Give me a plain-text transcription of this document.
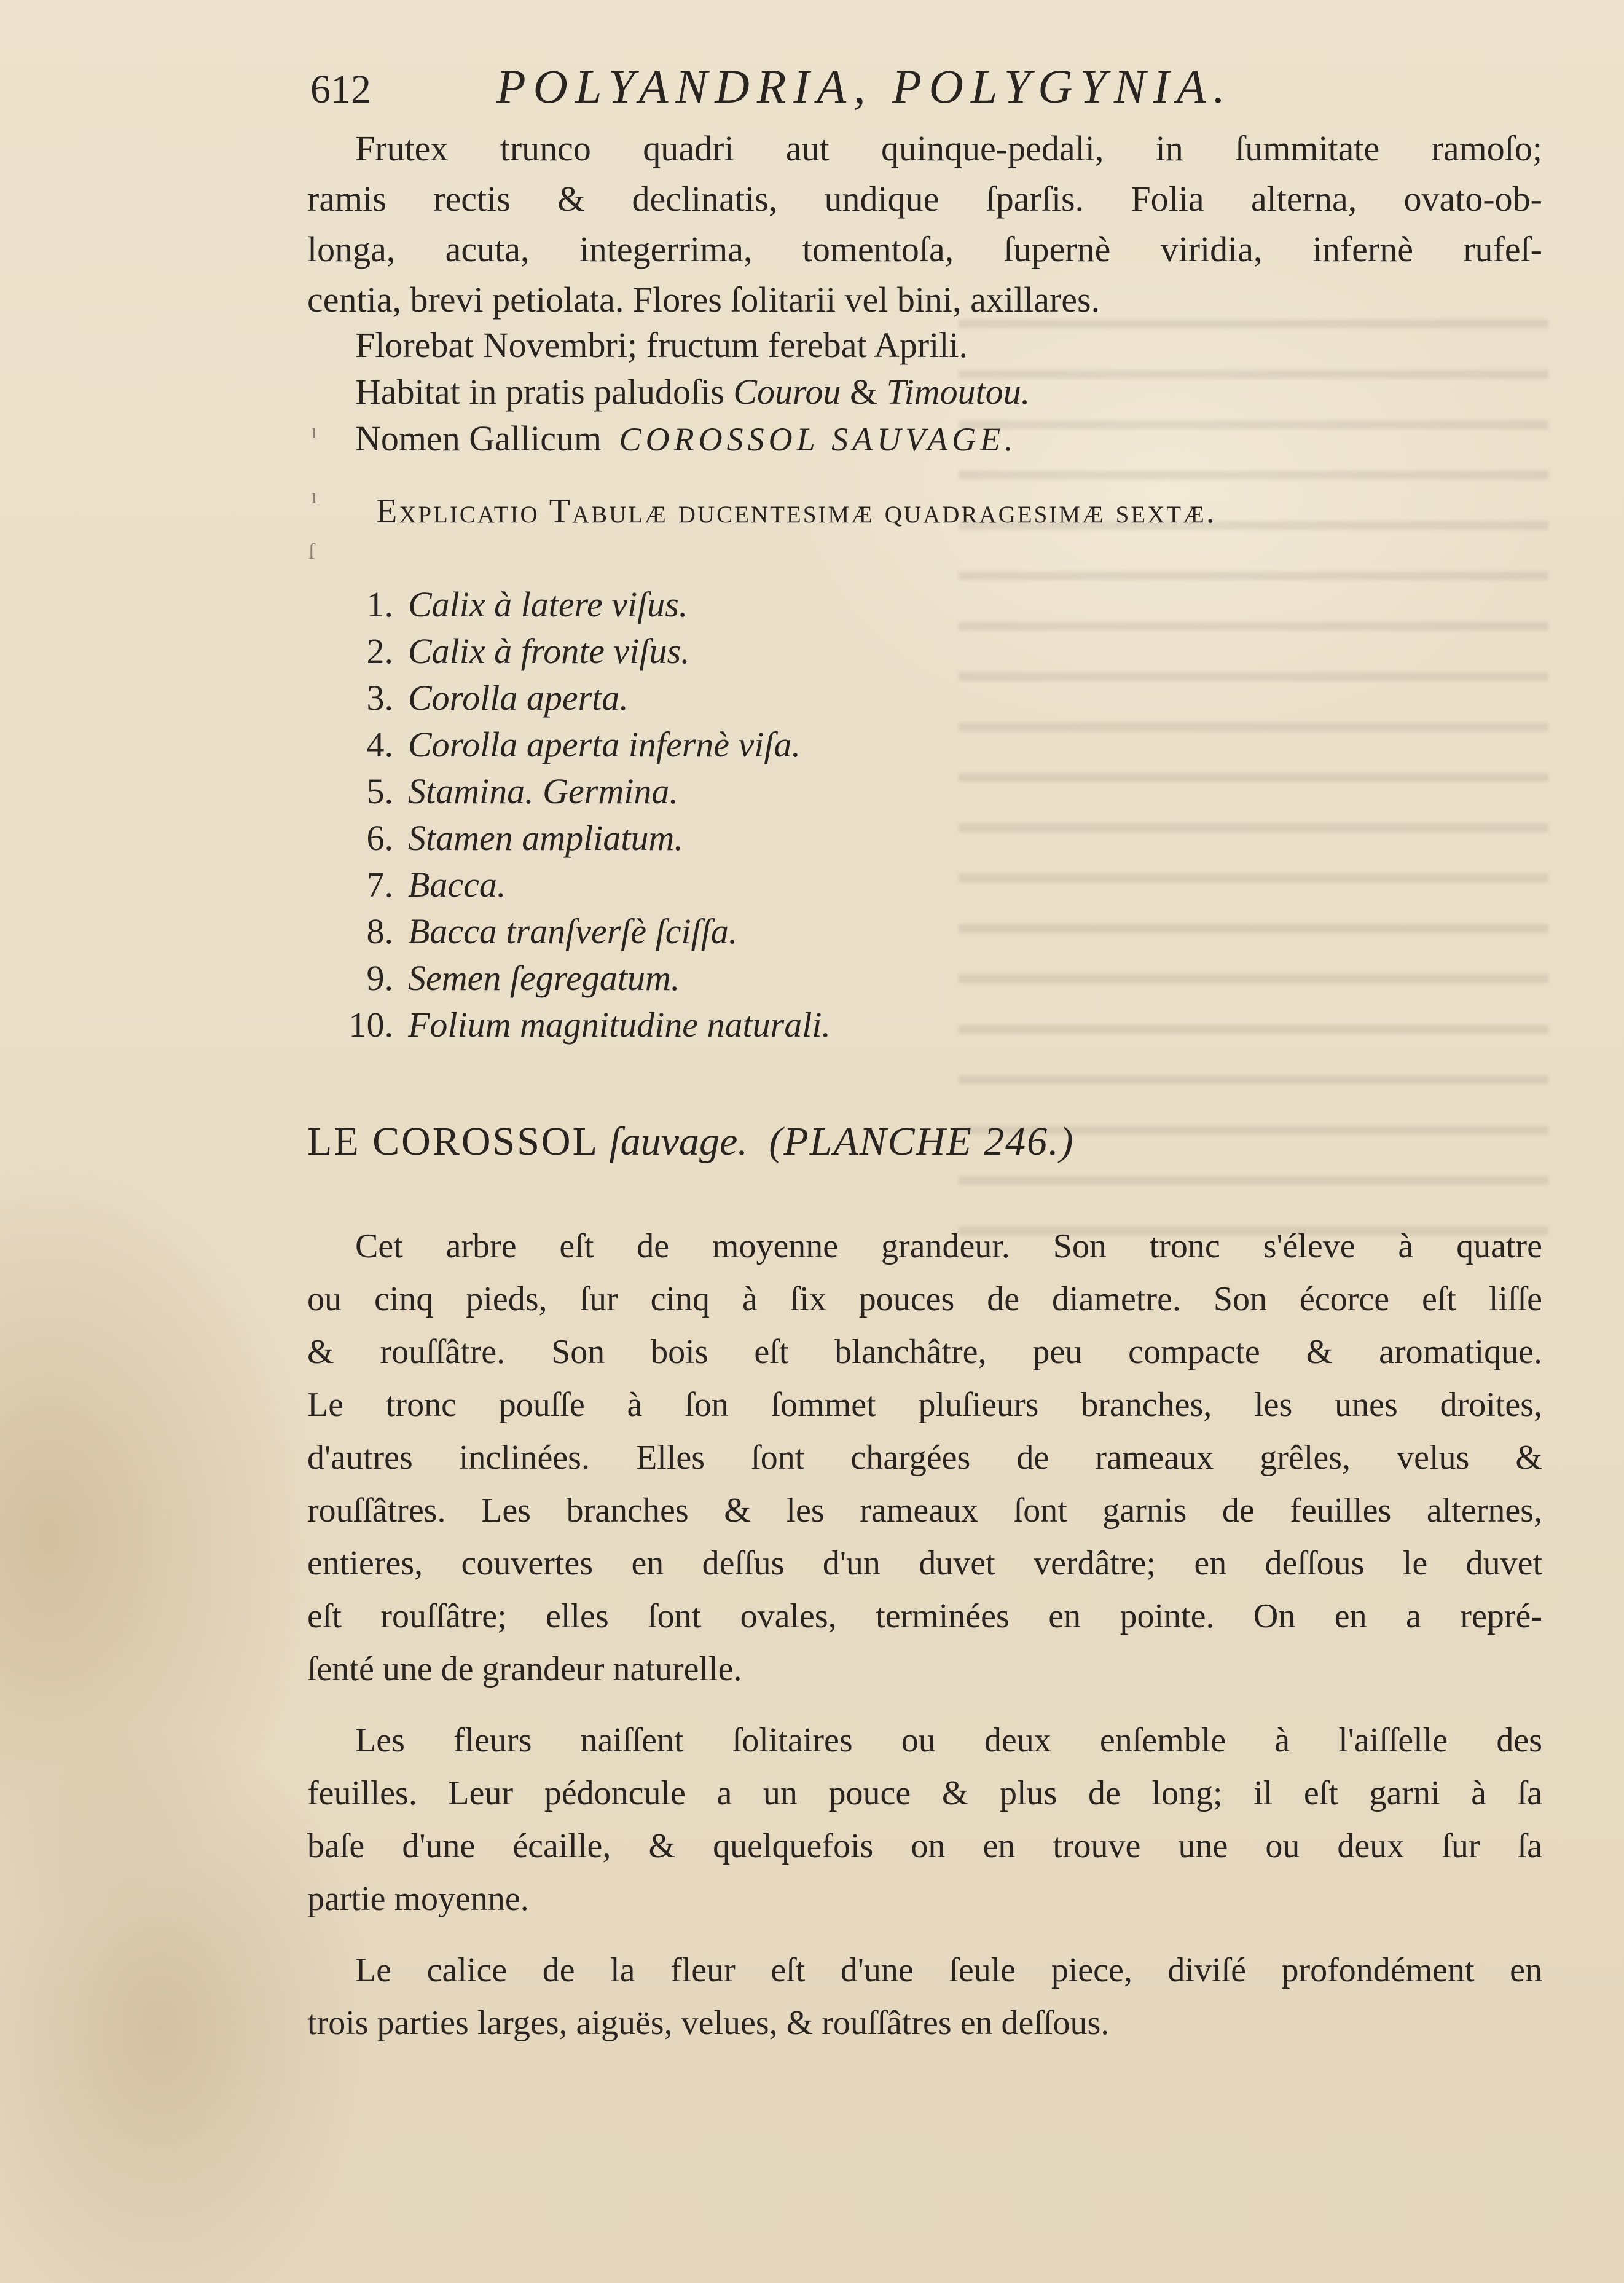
612	POLYANDRIA, POLYGYNIA.
Frutex trunco quadri aut quinque-pedali, in ſummitate ramoſo;
ramis rectis & declinatis, undique ſparſis. Folia alterna, ovato-ob-
longa, acuta, integerrima, tomentoſa, ſupernè viridia, infernè rufeſ-
centia, brevi petiolata. Flores ſolitarii vel bini, axillares.
Florebat Novembri; fructum ferebat Aprili.
Habitat in pratis paludoſis Courou & Timoutou.
Nomen Gallicum COROSSOL SAUVAGE.
Explicatio Tabulæ ducentesimæ quadragesimæ sextæ.
1. Calix à latere viſus.
2. Calix à fronte viſus.
3. Corolla aperta.
4. Corolla aperta infernè viſa.
5. Stamina. Germina.
6. Stamen ampliatum.
7. Bacca.
8. Bacca tranſverſè ſciſſa.
9. Semen ſegregatum.
10. Folium magnitudine naturali.
LE COROSSOL ſauvage. (PLANCHE 246.)
Cet arbre eſt de moyenne grandeur. Son tronc s'éleve à quatre
ou cinq pieds, ſur cinq à ſix pouces de diametre. Son écorce eſt liſſe
& rouſſâtre. Son bois eſt blanchâtre, peu compacte & aromatique.
Le tronc pouſſe à ſon ſommet pluſieurs branches, les unes droites,
d'autres inclinées. Elles ſont chargées de rameaux grêles, velus &
rouſſâtres. Les branches & les rameaux ſont garnis de feuilles alternes,
entieres, couvertes en deſſus d'un duvet verdâtre; en deſſous le duvet
eſt rouſſâtre; elles ſont ovales, terminées en pointe. On en a repré-
ſenté une de grandeur naturelle.
Les fleurs naiſſent ſolitaires ou deux enſemble à l'aiſſelle des
feuilles. Leur pédoncule a un pouce & plus de long; il eſt garni à ſa
baſe d'une écaille, & quelquefois on en trouve une ou deux ſur ſa
partie moyenne.
Le calice de la fleur eſt d'une ſeule piece, diviſé profondément en
trois parties larges, aiguës, velues, & rouſſâtres en deſſous.
ı
ı
ſ
